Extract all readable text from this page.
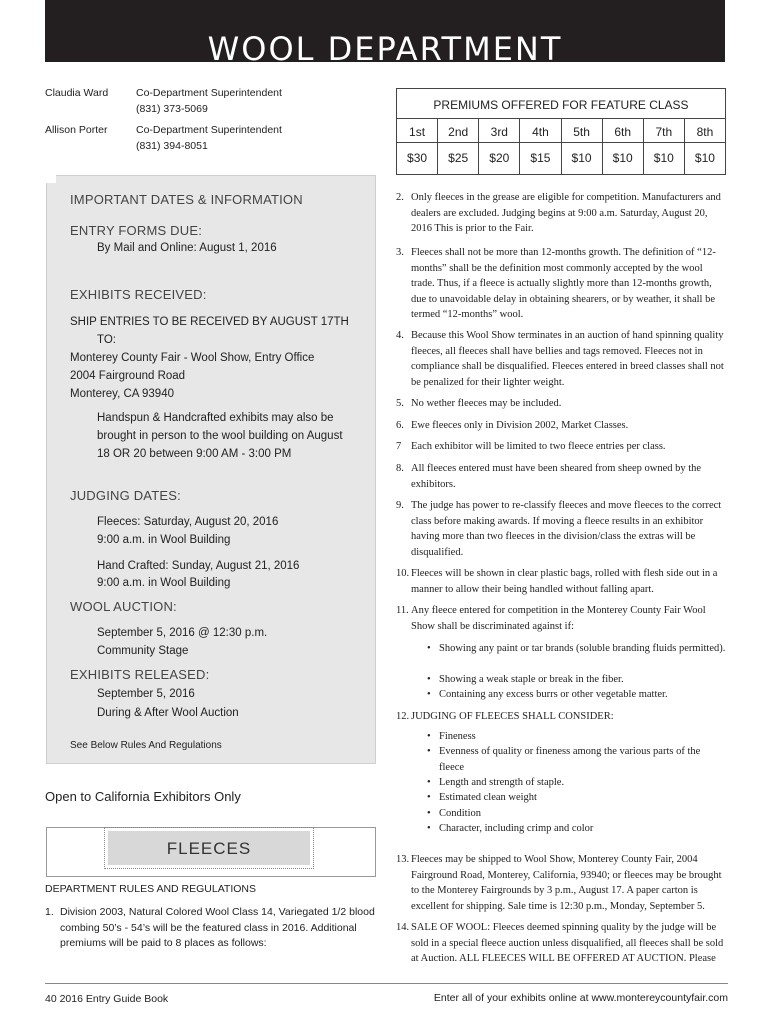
WOOL DEPARTMENT
Claudia Ward	Co-Department Superintendent
(831) 373-5069
Allison Porter	Co-Department Superintendent
(831) 394-8051
PREMIUMS OFFERED FOR FEATURE CLASS
1st	2nd	3rd	4th	5th	6th	7th	8th
$30	$25	$20	$15	$10	$10	$10	$10
IMPORTANT DATES & INFORMATION
ENTRY FORMS DUE:

By Mail and Online: August 1, 2016

EXHIBITS RECEIVED:

SHIP ENTRIES TO BE RECEIVED BY AUGUST 17TH

TO:

Monterey County Fair - Wool Show, Entry Office

2004 Fairground Road

Monterey, CA 93940

Handspun & Handcrafted exhibits may also be

brought in person to the wool building on August

18 OR 20 between 9:00 AM - 3:00 PM

JUDGING DATES:

Fleeces: Saturday, August 20, 2016

9:00 a.m. in Wool Building

Hand Crafted: Sunday, August 21, 2016

9:00 a.m. in Wool Building

WOOL AUCTION:

September 5, 2016 @ 12:30 p.m.

Community Stage

EXHIBITS RELEASED:

September 5, 2016

During & After Wool Auction

See Below Rules And Regulations

Open to California Exhibitors Only
FLEECES
DEPARTMENT RULES AND REGULATIONS
1. Division 2003, Natural Colored Wool Class 14, Variegated 1/2 blood combing 50’s - 54’s will be the featured class in 2016. Additional premiums will be paid to 8 places as follows:
2. Only fleeces in the grease are eligible for competition. Manufacturers and dealers are excluded. Judging begins at 9:00 a.m. Saturday, August 20, 2016 This is prior to the Fair.
3. Fleeces shall not be more than 12-months growth. The definition of “12-months” shall be the definition most commonly accepted by the wool trade. Thus, if a fleece is actually slightly more than 12-months growth, due to unavoidable delay in obtaining shearers, or by weather, it shall be termed “12-months” wool.
4. Because this Wool Show terminates in an auction of hand spinning quality fleeces, all fleeces shall have bellies and tags removed. Fleeces not in compliance shall be disqualified. Fleeces entered in breed classes shall not be penalized for their lighter weight.
5. No wether fleeces may be included.
6. Ewe fleeces only in Division 2002, Market Classes.
7 Each exhibitor will be limited to two fleece entries per class.
8. All fleeces entered must have been sheared from sheep owned by the exhibitors.
9. The judge has power to re-classify fleeces and move fleeces to the correct class before making awards. If moving a fleece results in an exhibitor having more than two fleeces in the division/class the extras will be disqualified.
10. Fleeces will be shown in clear plastic bags, rolled with flesh side out in a manner to allow their being handled without falling apart.
11. Any fleece entered for competition in the Monterey County Fair Wool Show shall be discriminated against if:
• Showing any paint or tar brands (soluble branding fluids permitted).
• Showing a weak staple or break in the fiber.
• Containing any excess burrs or other vegetable matter.
12. JUDGING OF FLEECES SHALL CONSIDER:
• Fineness
• Evenness of quality or fineness among the various parts of the fleece
• Length and strength of staple.
• Estimated clean weight
• Condition
• Character, including crimp and color
13. Fleeces may be shipped to Wool Show, Monterey County Fair, 2004 Fairground Road, Monterey, California, 93940; or fleeces may be brought to the Monterey Fairgrounds by 3 p.m., August 17. A paper carton is excellent for shipping. Sale time is 12:30 p.m., Monday, September 5.
14. SALE OF WOOL: Fleeces deemed spinning quality by the judge will be sold in a special fleece auction unless disqualified, all fleeces shall be sold at Auction. ALL FLEECES WILL BE OFFERED AT AUCTION. Please
40 2016 Entry Guide Book	Enter all of your exhibits online at www.montereycountyfair.com
